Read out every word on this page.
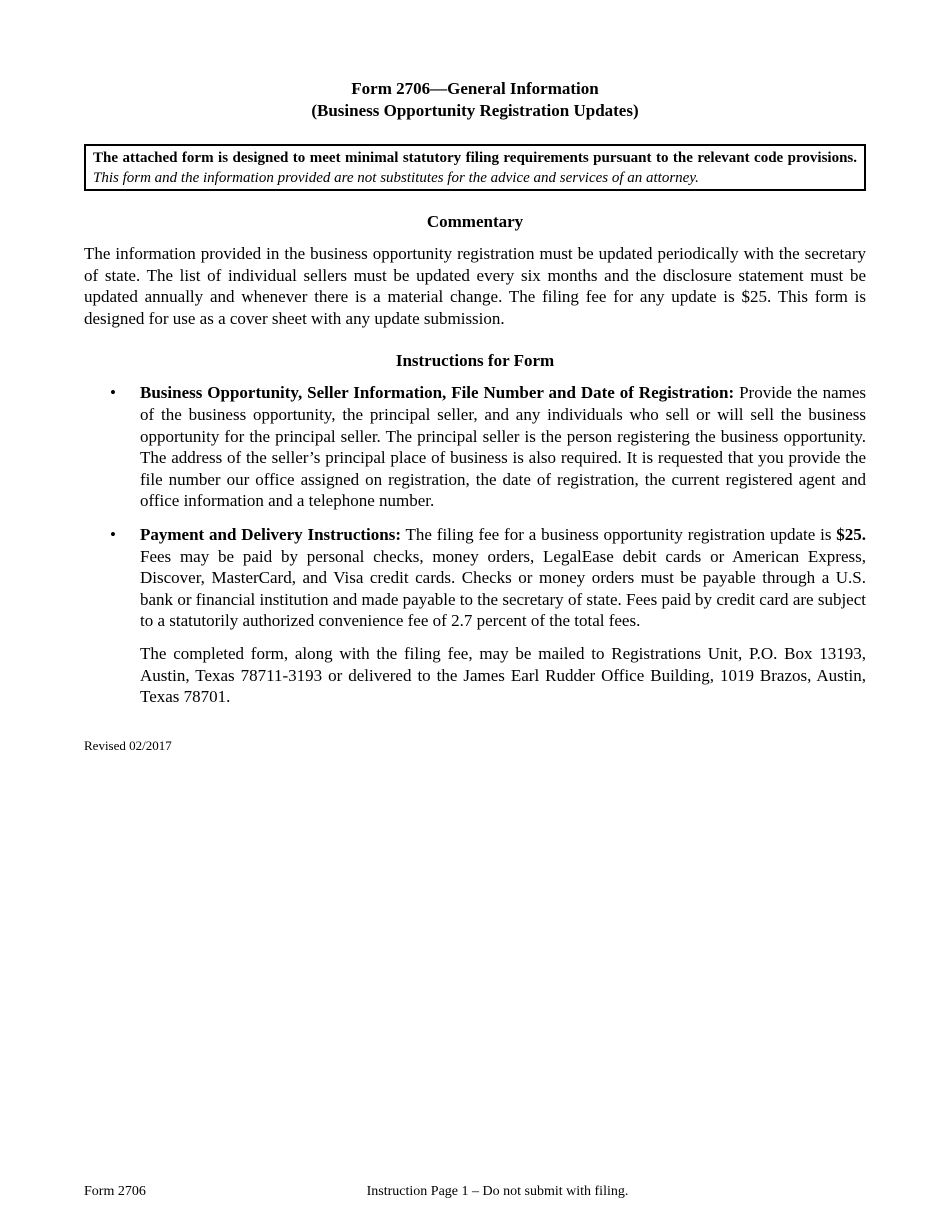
Form 2706—General Information

(Business Opportunity Registration Updates)

The attached form is designed to meet minimal statutory filing requirements pursuant to the relevant code provisions. This form and the information provided are not substitutes for the advice and services of an attorney.
Commentary

The information provided in the business opportunity registration must be updated periodically with the secretary of state. The list of individual sellers must be updated every six months and the disclosure statement must be updated annually and whenever there is a material change. The filing fee for any update is $25. This form is designed for use as a cover sheet with any update submission.

Instructions for Form
• Business Opportunity, Seller Information, File Number and Date of Registration: Provide the names of the business opportunity, the principal seller, and any individuals who sell or will sell the business opportunity for the principal seller. The principal seller is the person registering the business opportunity. The address of the seller’s principal place of business is also required. It is requested that you provide the file number our office assigned on registration, the date of registration, the current registered agent and office information and a telephone number.
• Payment and Delivery Instructions: The filing fee for a business opportunity registration update is $25. Fees may be paid by personal checks, money orders, LegalEase debit cards or American Express, Discover, MasterCard, and Visa credit cards. Checks or money orders must be payable through a U.S. bank or financial institution and made payable to the secretary of state. Fees paid by credit card are subject to a statutorily authorized convenience fee of 2.7 percent of the total fees.

The completed form, along with the filing fee, may be mailed to Registrations Unit, P.O. Box 13193, Austin, Texas 78711-3193 or delivered to the James Earl Rudder Office Building, 1019 Brazos, Austin, Texas 78701.

Revised 02/2017
Form 2706	Instruction Page 1 – Do not submit with filing.
